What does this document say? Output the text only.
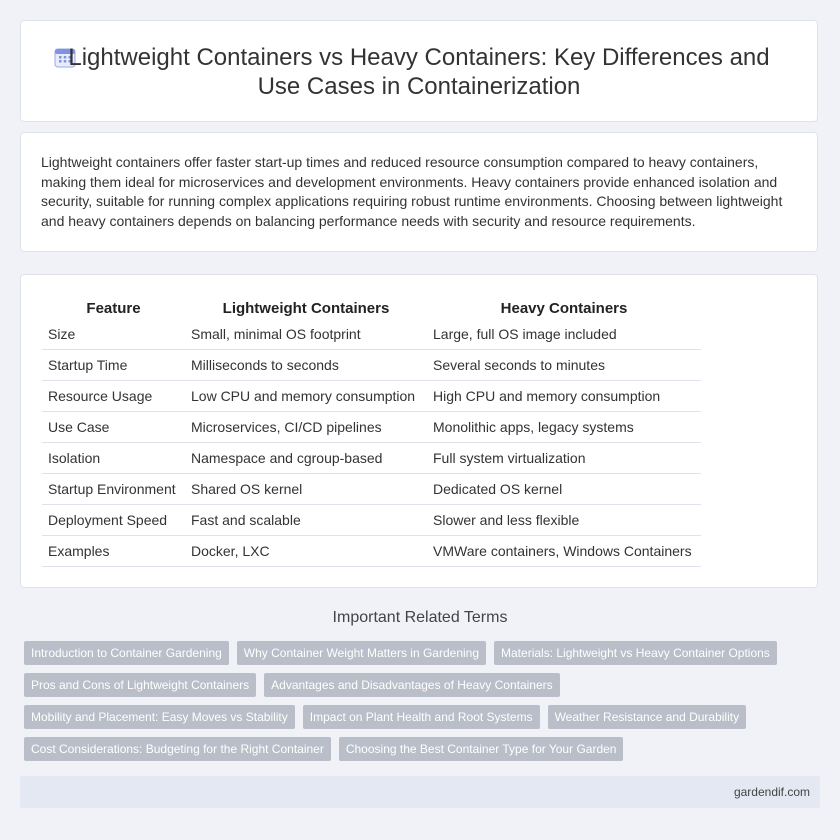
Lightweight Containers vs Heavy Containers: Key Differences and Use Cases in Containerization

Lightweight containers offer faster start-up times and reduced resource consumption compared to heavy containers, making them ideal for microservices and development environments. Heavy containers provide enhanced isolation and security, suitable for running complex applications requiring robust runtime environments. Choosing between lightweight and heavy containers depends on balancing performance needs with security and resource requirements.

Feature	Lightweight Containers	Heavy Containers
Size	Small, minimal OS footprint	Large, full OS image included
Startup Time	Milliseconds to seconds	Several seconds to minutes
Resource Usage	Low CPU and memory consumption	High CPU and memory consumption
Use Case	Microservices, CI/CD pipelines	Monolithic apps, legacy systems
Isolation	Namespace and cgroup-based	Full system virtualization
Startup Environment	Shared OS kernel	Dedicated OS kernel
Deployment Speed	Fast and scalable	Slower and less flexible
Examples	Docker, LXC	VMWare containers, Windows Containers
Important Related Terms
Introduction to Container Gardening	Why Container Weight Matters in Gardening	Materials: Lightweight vs Heavy Container Options
Pros and Cons of Lightweight Containers	Advantages and Disadvantages of Heavy Containers
Mobility and Placement: Easy Moves vs Stability	Impact on Plant Health and Root Systems	Weather Resistance and Durability
Cost Considerations: Budgeting for the Right Container	Choosing the Best Container Type for Your Garden
gardendif.com
